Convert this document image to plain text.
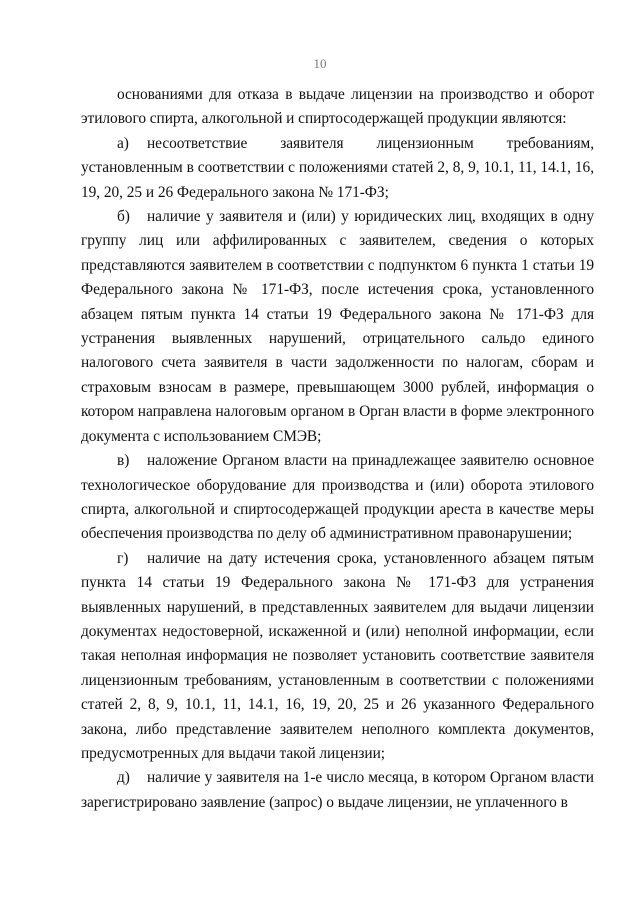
10

основаниями для отказа в выдаче лицензии на производство и оборот этилового спирта, алкогольной и спиртосодержащей продукции являются:

а) несоответствие заявителя лицензионным требованиям, установленным в соответствии с положениями статей 2, 8, 9, 10.1, 11, 14.1, 16, 19, 20, 25 и 26 Федерального закона № 171-ФЗ;

б) наличие у заявителя и (или) у юридических лиц, входящих в одну группу лиц или аффилированных с заявителем, сведения о которых представляются заявителем в соответствии с подпунктом 6 пункта 1 статьи 19 Федерального закона № 171-ФЗ, после истечения срока, установленного абзацем пятым пункта 14 статьи 19 Федерального закона № 171-ФЗ для устранения выявленных нарушений, отрицательного сальдо единого налогового счета заявителя в части задолженности по налогам, сборам и страховым взносам в размере, превышающем 3000 рублей, информация о котором направлена налоговым органом в Орган власти в форме электронного документа с использованием СМЭВ;

в) наложение Органом власти на принадлежащее заявителю основное технологическое оборудование для производства и (или) оборота этилового спирта, алкогольной и спиртосодержащей продукции ареста в качестве меры обеспечения производства по делу об административном правонарушении;

г) наличие на дату истечения срока, установленного абзацем пятым пункта 14 статьи 19 Федерального закона № 171-ФЗ для устранения выявленных нарушений, в представленных заявителем для выдачи лицензии документах недостоверной, искаженной и (или) неполной информации, если такая неполная информация не позволяет установить соответствие заявителя лицензионным требованиям, установленным в соответствии с положениями статей 2, 8, 9, 10.1, 11, 14.1, 16, 19, 20, 25 и 26 указанного Федерального закона, либо представление заявителем неполного комплекта документов, предусмотренных для выдачи такой лицензии;

д) наличие у заявителя на 1-е число месяца, в котором Органом власти зарегистрировано заявление (запрос) о выдаче лицензии, не уплаченного в
